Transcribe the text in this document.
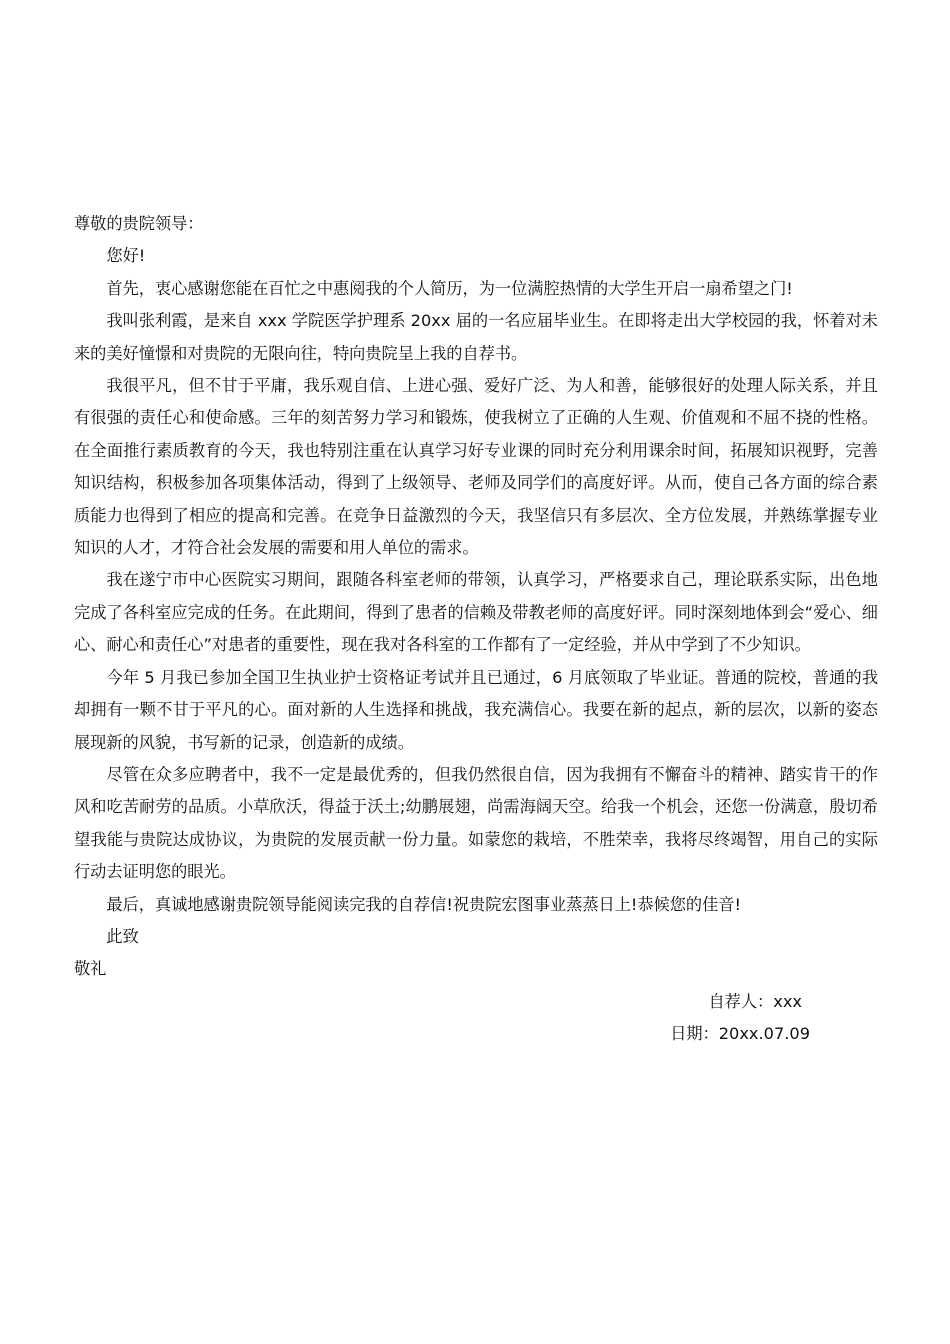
尊敬的贵院领导：

您好!

首先，衷心感谢您能在百忙之中惠阅我的个人简历，为一位满腔热情的大学生开启一扇希望之门!

我叫张利霞，是来自 xxx 学院医学护理系 20xx 届的一名应届毕业生。在即将走出大学校园的我，怀着对未来的美好憧憬和对贵院的无限向往，特向贵院呈上我的自荐书。

我很平凡，但不甘于平庸，我乐观自信、上进心强、爱好广泛、为人和善，能够很好的处理人际关系，并且有很强的责任心和使命感。三年的刻苦努力学习和锻炼，使我树立了正确的人生观、价值观和不屈不挠的性格。在全面推行素质教育的今天，我也特别注重在认真学习好专业课的同时充分利用课余时间，拓展知识视野，完善知识结构，积极参加各项集体活动，得到了上级领导、老师及同学们的高度好评。从而，使自己各方面的综合素质能力也得到了相应的提高和完善。在竞争日益激烈的今天，我坚信只有多层次、全方位发展，并熟练掌握专业知识的人才，才符合社会发展的需要和用人单位的需求。

我在遂宁市中心医院实习期间，跟随各科室老师的带领，认真学习，严格要求自己，理论联系实际，出色地完成了各科室应完成的任务。在此期间，得到了患者的信赖及带教老师的高度好评。同时深刻地体到会“爱心、细心、耐心和责任心”对患者的重要性，现在我对各科室的工作都有了一定经验，并从中学到了不少知识。

今年 5 月我已参加全国卫生执业护士资格证考试并且已通过，6 月底领取了毕业证。普通的院校，普通的我却拥有一颗不甘于平凡的心。面对新的人生选择和挑战，我充满信心。我要在新的起点，新的层次，以新的姿态展现新的风貌，书写新的记录，创造新的成绩。

尽管在众多应聘者中，我不一定是最优秀的，但我仍然很自信，因为我拥有不懈奋斗的精神、踏实肯干的作风和吃苦耐劳的品质。小草欣沃，得益于沃土;幼鹏展翅，尚需海阔天空。给我一个机会，还您一份满意，殷切希望我能与贵院达成协议，为贵院的发展贡献一份力量。如蒙您的栽培，不胜荣幸，我将尽终竭智，用自己的实际行动去证明您的眼光。

最后，真诚地感谢贵院领导能阅读完我的自荐信!祝贵院宏图事业蒸蒸日上!恭候您的佳音!

此致

敬礼

自荐人：xxx

日期：20xx.07.09
